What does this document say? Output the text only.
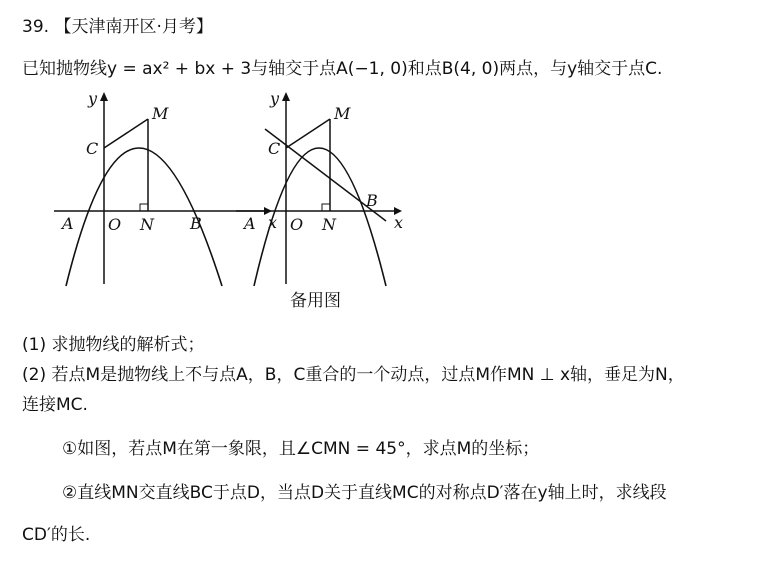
39. 【天津南开区·月考】
已知抛物线y = ax² + bx + 3与轴交于点A(−1, 0)和点B(4, 0)两点，与y轴交于点C.
y
x
A O N B
C
M
y
x
A O N
B
C
M
备用图
(1) 求抛物线的解析式；
(2) 若点M是抛物线上不与点A，B，C重合的一个动点，过点M作MN ⊥ x轴，垂足为N，
连接MC.
①如图，若点M在第一象限，且∠CMN = 45°，求点M的坐标；
②直线MN交直线BC于点D，当点D关于直线MC的对称点D′落在y轴上时，求线段
CD′的长.
